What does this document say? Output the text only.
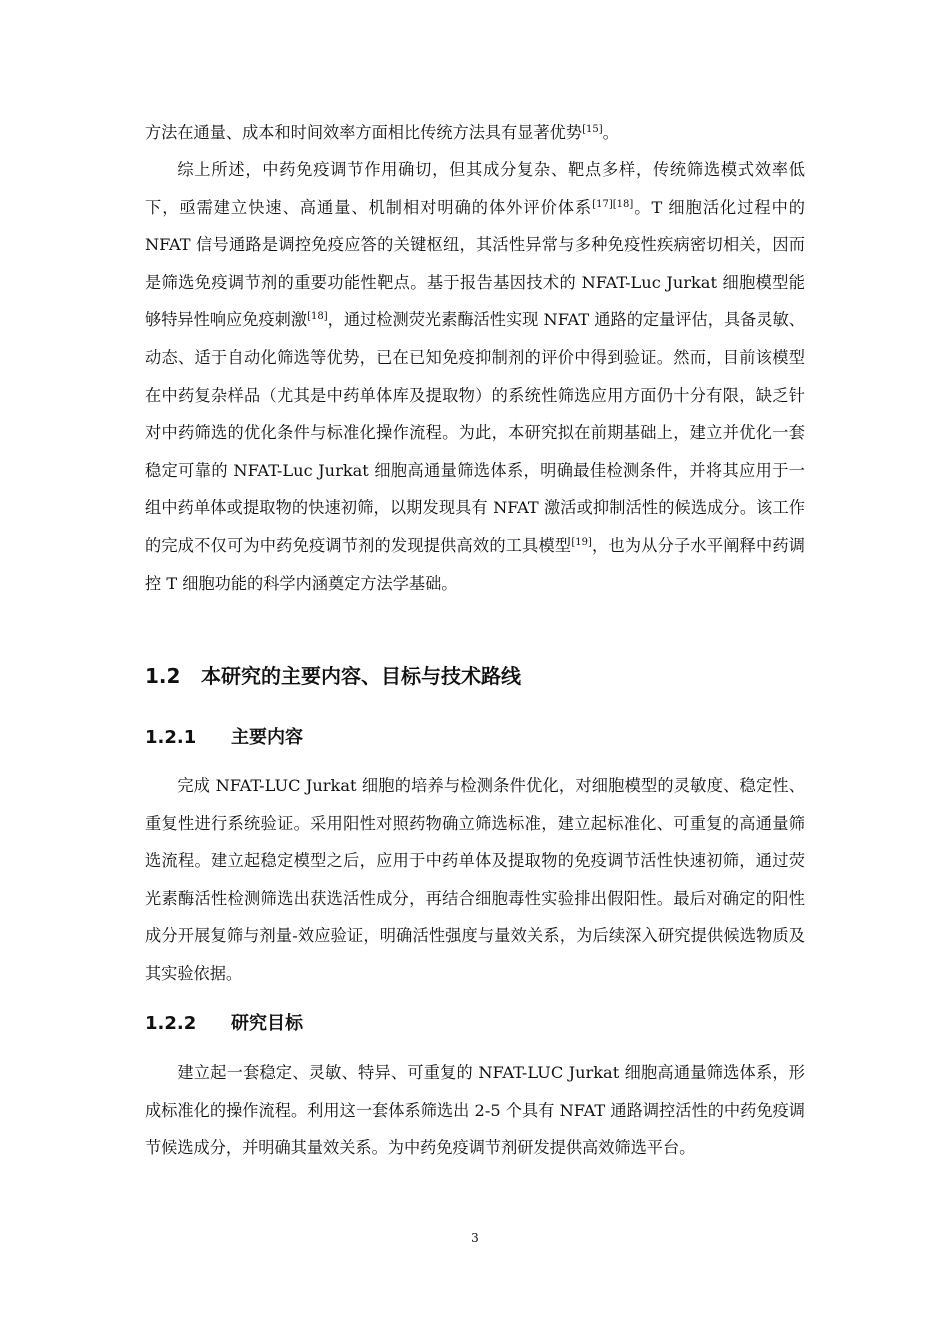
方法在通量、成本和时间效率方面相比传统方法具有显著优势[15]。

综上所述，中药免疫调节作用确切，但其成分复杂、靶点多样，传统筛选模式效率低下，亟需建立快速、高通量、机制相对明确的体外评价体系[17][18]。T 细胞活化过程中的 NFAT 信号通路是调控免疫应答的关键枢纽，其活性异常与多种免疫性疾病密切相关，因而是筛选免疫调节剂的重要功能性靶点。基于报告基因技术的 NFAT-Luc Jurkat 细胞模型能够特异性响应免疫刺激[18]，通过检测荧光素酶活性实现 NFAT 通路的定量评估，具备灵敏、动态、适于自动化筛选等优势，已在已知免疫抑制剂的评价中得到验证。然而，目前该模型在中药复杂样品（尤其是中药单体库及提取物）的系统性筛选应用方面仍十分有限，缺乏针对中药筛选的优化条件与标准化操作流程。为此，本研究拟在前期基础上，建立并优化一套稳定可靠的 NFAT-Luc Jurkat 细胞高通量筛选体系，明确最佳检测条件，并将其应用于一组中药单体或提取物的快速初筛，以期发现具有 NFAT 激活或抑制活性的候选成分。该工作的完成不仅可为中药免疫调节剂的发现提供高效的工具模型[19]，也为从分子水平阐释中药调控 T 细胞功能的科学内涵奠定方法学基础。

1.2 本研究的主要内容、目标与技术路线
1.2.1 主要内容

完成 NFAT-LUC Jurkat 细胞的培养与检测条件优化，对细胞模型的灵敏度、稳定性、重复性进行系统验证。采用阳性对照药物确立筛选标准，建立起标准化、可重复的高通量筛选流程。建立起稳定模型之后，应用于中药单体及提取物的免疫调节活性快速初筛，通过荧光素酶活性检测筛选出获选活性成分，再结合细胞毒性实验排出假阳性。最后对确定的阳性成分开展复筛与剂量-效应验证，明确活性强度与量效关系，为后续深入研究提供候选物质及其实验依据。

1.2.2 研究目标

建立起一套稳定、灵敏、特异、可重复的 NFAT-LUC Jurkat 细胞高通量筛选体系，形成标准化的操作流程。利用这一套体系筛选出 2-5 个具有 NFAT 通路调控活性的中药免疫调节候选成分，并明确其量效关系。为中药免疫调节剂研发提供高效筛选平台。

3
